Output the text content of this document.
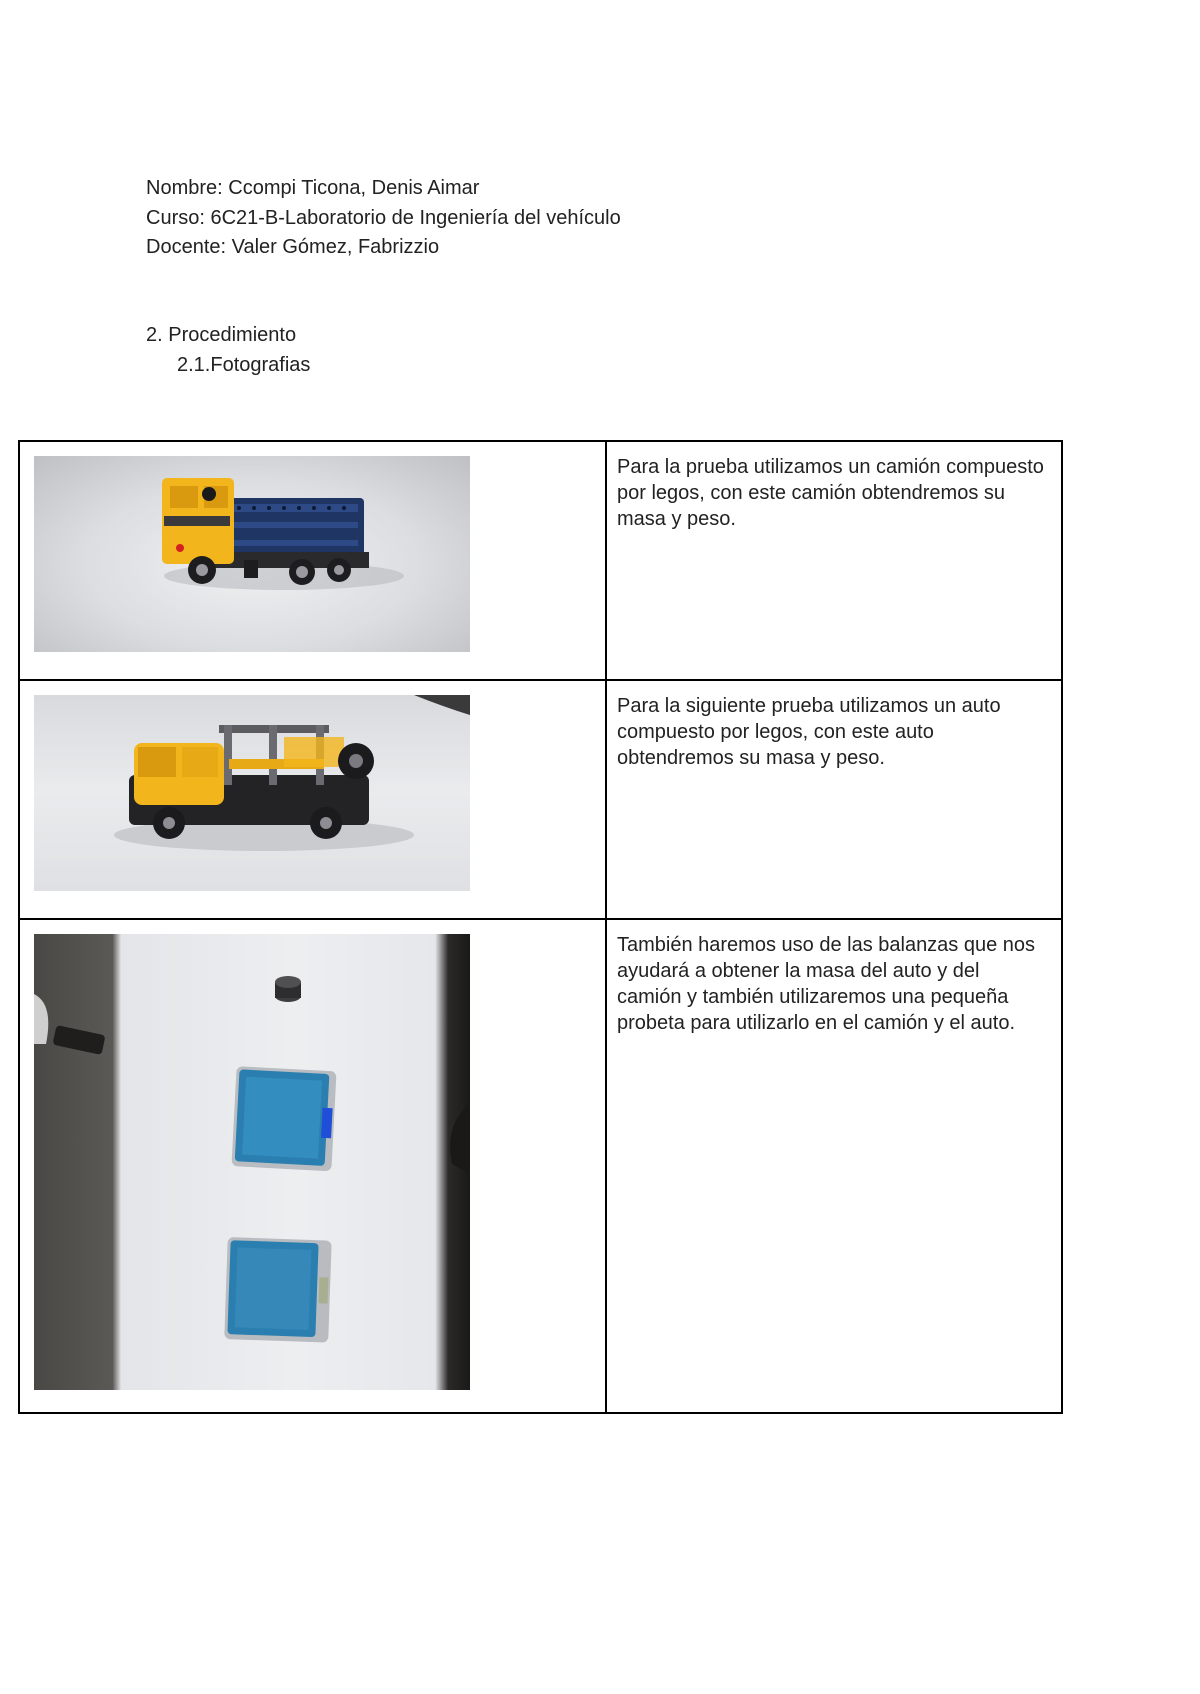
Nombre: Ccompi Ticona, Denis Aimar
Curso: 6C21-B-Laboratorio de Ingeniería del vehículo
Docente: Valer Gómez, Fabrizzio
2. Procedimiento
2.1.Fotografias
	Para la prueba utilizamos un camión compuesto por legos, con este camión obtendremos su masa y peso.

	Para la siguiente prueba utilizamos un auto compuesto por legos, con este auto obtendremos su masa y peso.

	También haremos uso de las balanzas que nos ayudará a obtener la masa del auto y del camión y también utilizaremos una pequeña probeta para utilizarlo en el camión y el auto.
